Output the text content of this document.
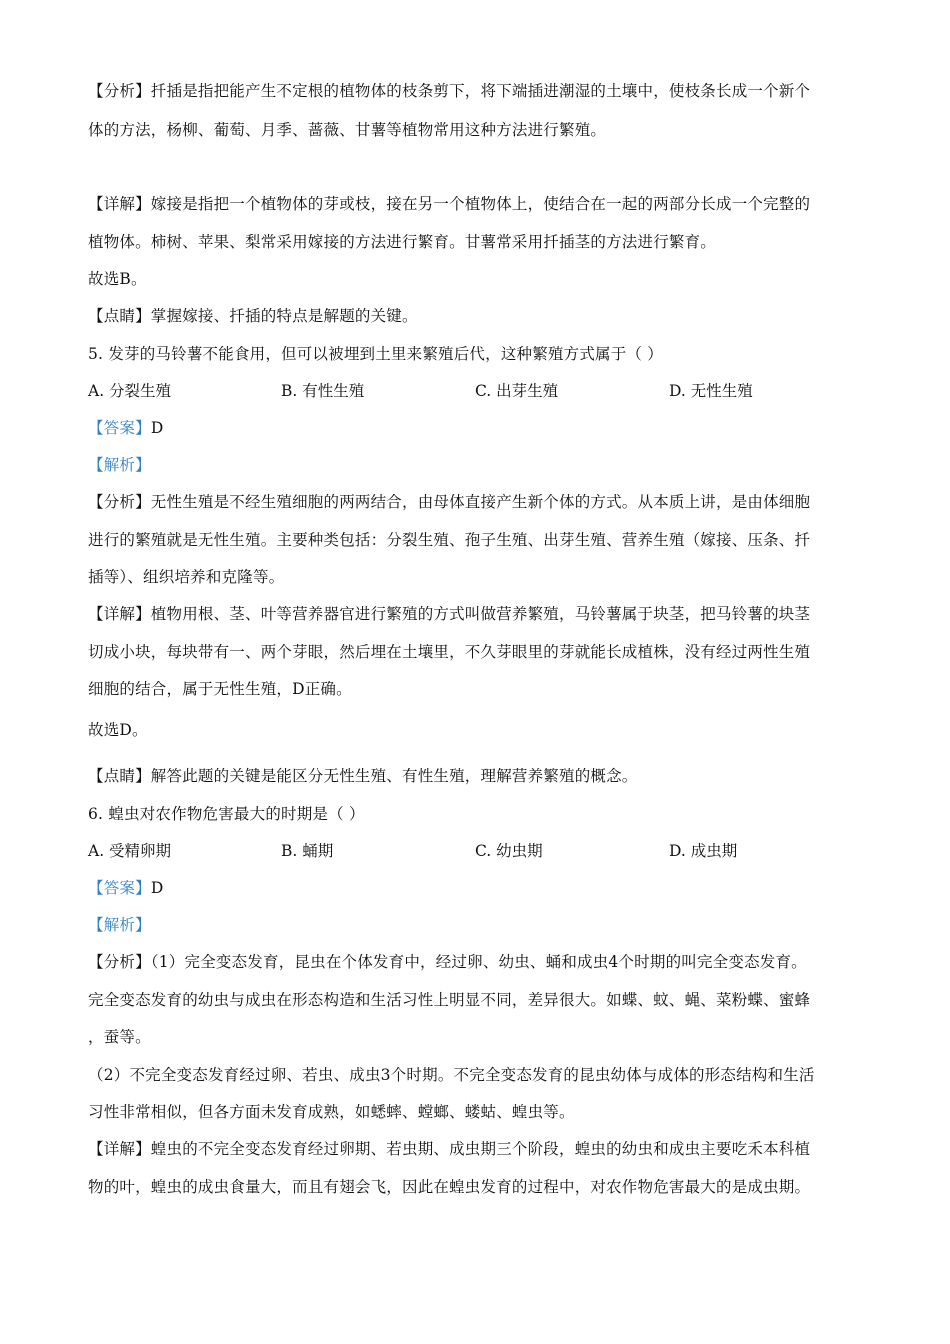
【分析】扦插是指把能产生不定根的植物体的枝条剪下，将下端插进潮湿的土壤中，使枝条长成一个新个
体的方法，杨柳、葡萄、月季、蔷薇、甘薯等植物常用这种方法进行繁殖。
【详解】嫁接是指把一个植物体的芽或枝，接在另一个植物体上，使结合在一起的两部分长成一个完整的
植物体。柿树、苹果、梨常采用嫁接的方法进行繁育。甘薯常采用扦插茎的方法进行繁育。
故选B。
【点睛】掌握嫁接、扦插的特点是解题的关键。
5. 发芽的马铃薯不能食用，但可以被埋到土里来繁殖后代，这种繁殖方式属于（ ）
A. 分裂生殖	B. 有性生殖	C. 出芽生殖	D. 无性生殖
【答案】D
【解析】
【分析】无性生殖是不经生殖细胞的两两结合，由母体直接产生新个体的方式。从本质上讲，是由体细胞
进行的繁殖就是无性生殖。主要种类包括：分裂生殖、孢子生殖、出芽生殖、营养生殖（嫁接、压条、扦
插等）、组织培养和克隆等。
【详解】植物用根、茎、叶等营养器官进行繁殖的方式叫做营养繁殖，马铃薯属于块茎，把马铃薯的块茎
切成小块，每块带有一、两个芽眼，然后埋在土壤里，不久芽眼里的芽就能长成植株，没有经过两性生殖
细胞的结合，属于无性生殖，D正确。
故选D。
【点睛】解答此题的关键是能区分无性生殖、有性生殖，理解营养繁殖的概念。
6. 蝗虫对农作物危害最大的时期是（ ）
A. 受精卵期	B. 蛹期	C. 幼虫期	D. 成虫期
【答案】D
【解析】
【分析】（1）完全变态发育，昆虫在个体发育中，经过卵、幼虫、蛹和成虫4个时期的叫完全变态发育。
完全变态发育的幼虫与成虫在形态构造和生活习性上明显不同，差异很大。如蝶、蚊、蝇、菜粉蝶、蜜蜂
，蚕等。
（2）不完全变态发育经过卵、若虫、成虫3个时期。不完全变态发育的昆虫幼体与成体的形态结构和生活
习性非常相似，但各方面未发育成熟，如蟋蟀、螳螂、蝼蛄、蝗虫等。
【详解】蝗虫的不完全变态发育经过卵期、若虫期、成虫期三个阶段，蝗虫的幼虫和成虫主要吃禾本科植
物的叶，蝗虫的成虫食量大，而且有翅会飞，因此在蝗虫发育的过程中，对农作物危害最大的是成虫期。
